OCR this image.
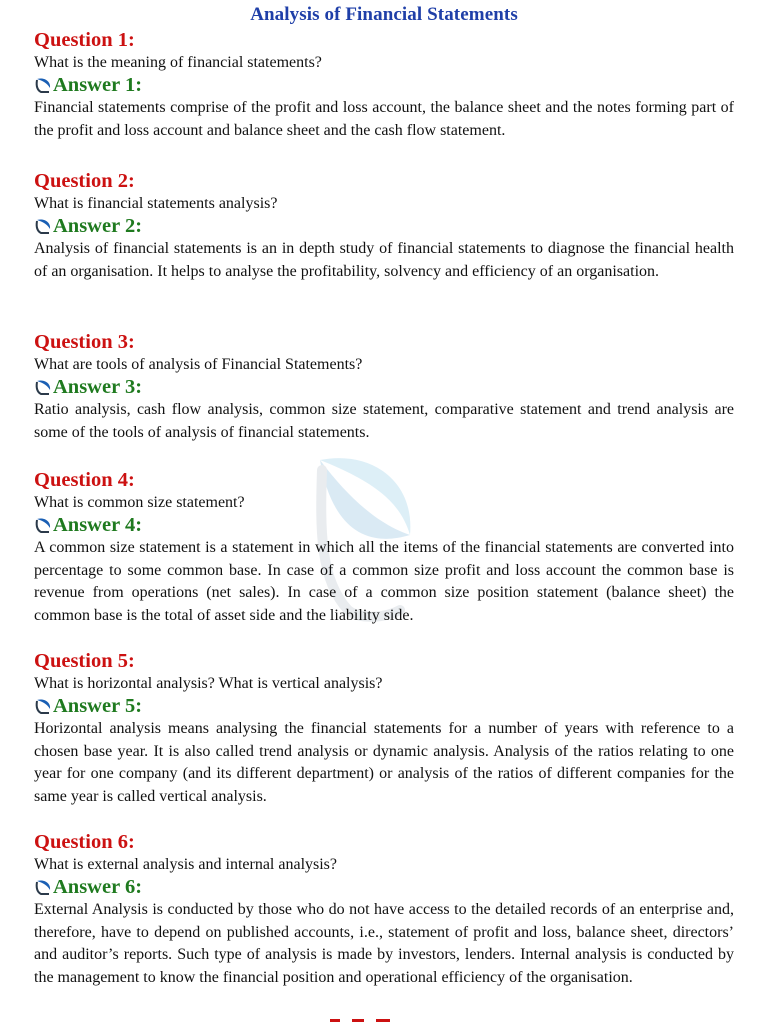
Analysis of Financial Statements

Question 1:

What is the meaning of financial statements?

Answer 1:

Financial statements comprise of the profit and loss account, the balance sheet and the notes forming part of the profit and loss account and balance sheet and the cash flow statement.

Question 2:

What is financial statements analysis?

Answer 2:

Analysis of financial statements is an in depth study of financial statements to diagnose the financial health of an organisation. It helps to analyse the profitability, solvency and efficiency of an organisation.

Question 3:

What are tools of analysis of Financial Statements?

Answer 3:

Ratio analysis, cash flow analysis, common size statement, comparative statement and trend analysis are some of the tools of analysis of financial statements.

Question 4:

What is common size statement?

Answer 4:

A common size statement is a statement in which all the items of the financial statements are converted into percentage to some common base. In case of a common size profit and loss account the common base is revenue from operations (net sales). In case of a common size position statement (balance sheet) the common base is the total of asset side and the liability side.

Question 5:

What is horizontal analysis? What is vertical analysis?

Answer 5:

Horizontal analysis means analysing the financial statements for a number of years with reference to a chosen base year. It is also called trend analysis or dynamic analysis. Analysis of the ratios relating to one year for one company (and its different department) or analysis of the ratios of different companies for the same year is called vertical analysis.

Question 6:

What is external analysis and internal analysis?

Answer 6:

External Analysis is conducted by those who do not have access to the detailed records of an enterprise and, therefore, have to depend on published accounts, i.e., statement of profit and loss, balance sheet, directors’ and auditor’s reports. Such type of analysis is made by investors, lenders. Internal analysis is conducted by the management to know the financial position and operational efficiency of the organisation.
